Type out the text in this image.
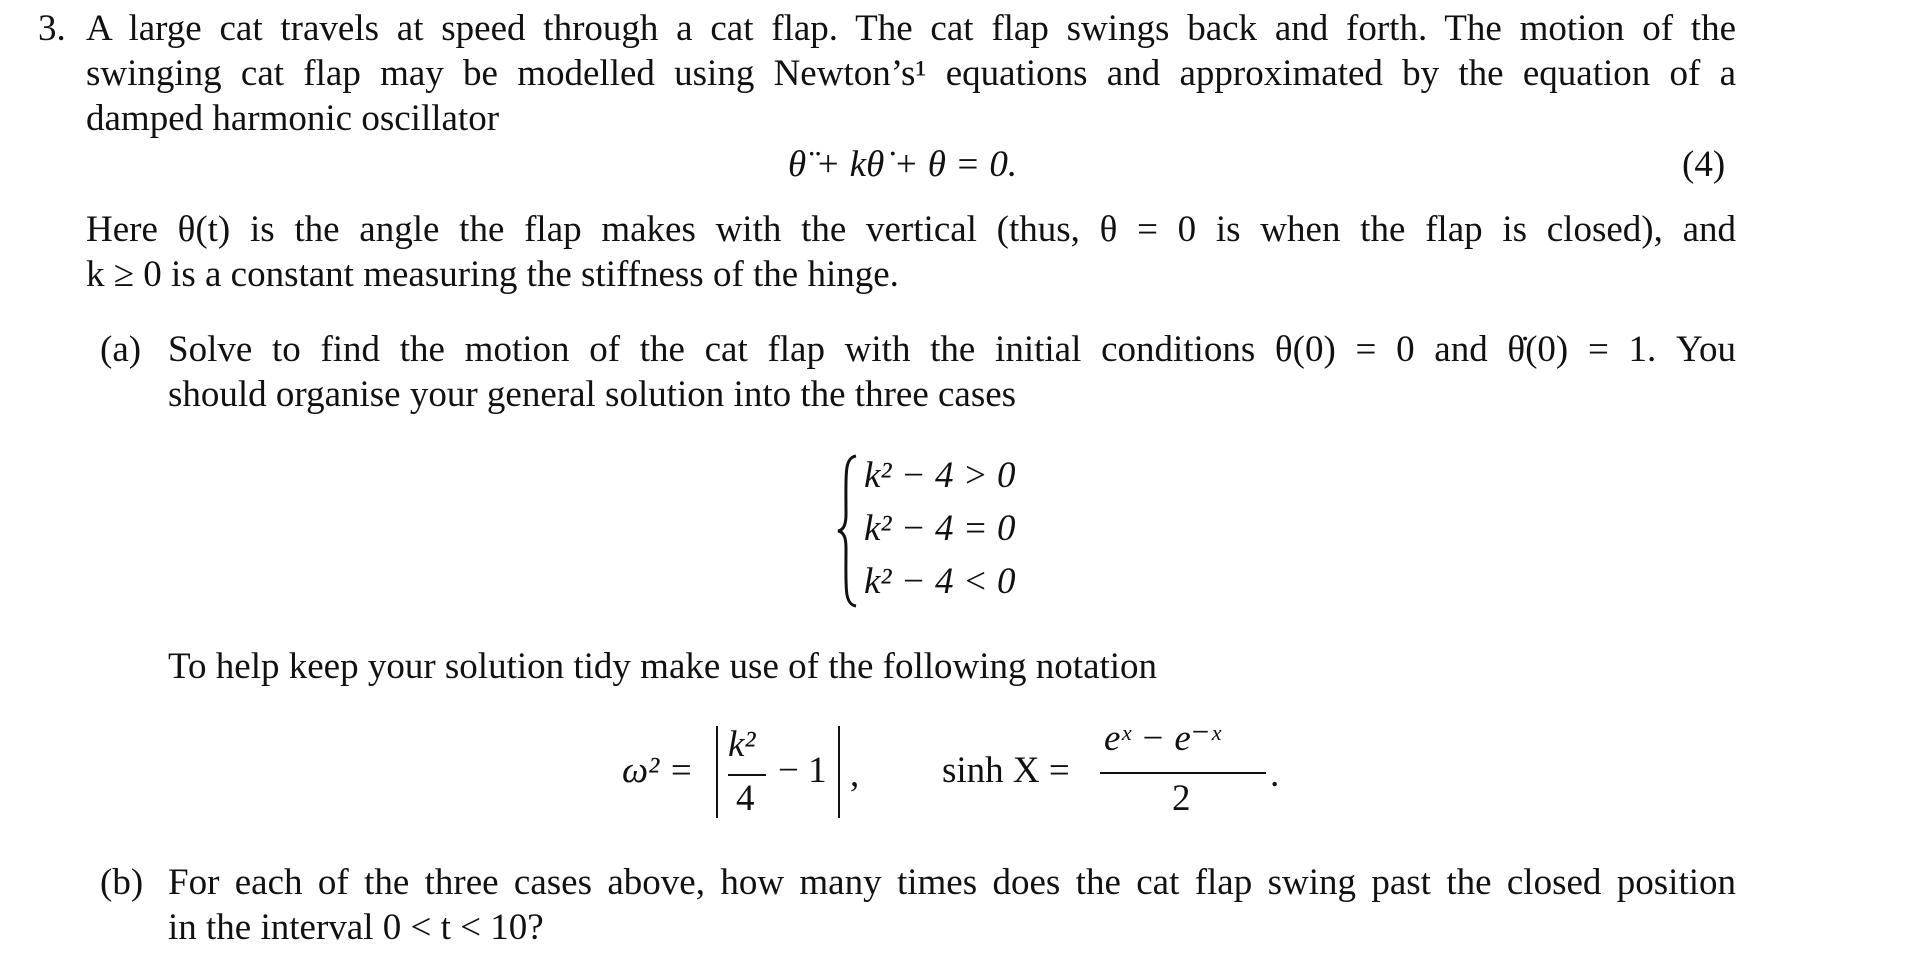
3. A large cat travels at speed through a cat flap. The cat flap swings back and forth. The motion of the
swinging cat flap may be modelled using Newton’s¹ equations and approximated by the equation of a
damped harmonic oscillator
θ̈ + kθ̇ + θ = 0.	(4)
Here θ(t) is the angle the flap makes with the vertical (thus, θ = 0 is when the flap is closed), and
k ≥ 0 is a constant measuring the stiffness of the hinge.
(a) Solve to find the motion of the cat flap with the initial conditions θ(0) = 0 and θ̇(0) = 1. You
should organise your general solution into the three cases
k² − 4 > 0
k² − 4 = 0
k² − 4 < 0
To help keep your solution tidy make use of the following notation
ω² =
k²
4
− 1 , sinh X =
eˣ − e⁻ˣ
2
.
(b) For each of the three cases above, how many times does the cat flap swing past the closed position
in the interval 0 < t < 10?
